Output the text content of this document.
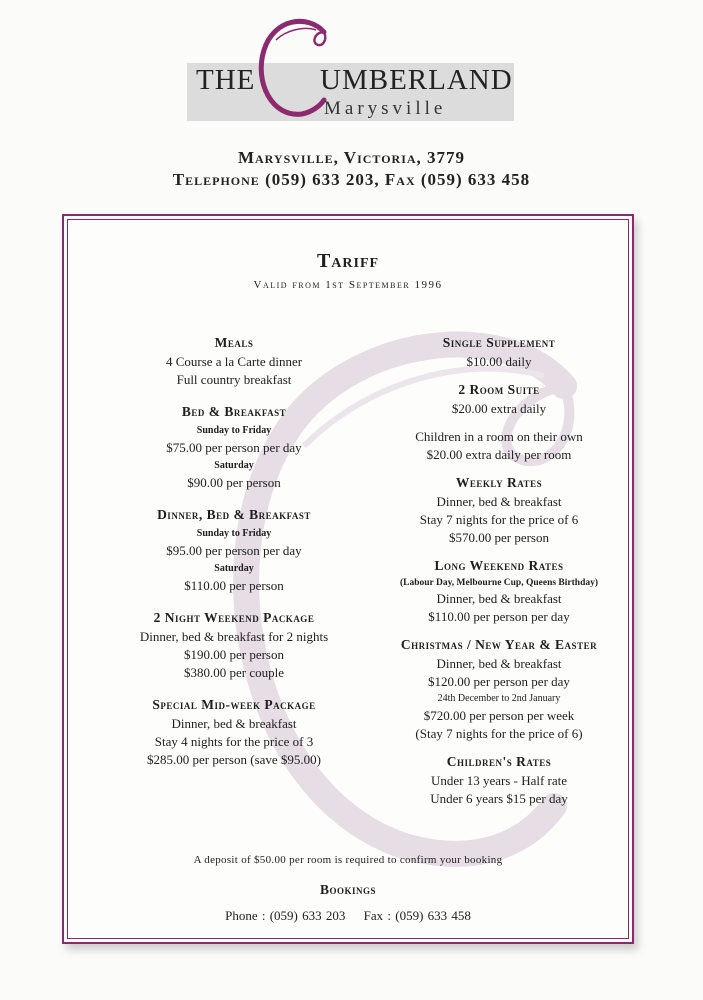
THE UMBERLAND
Marysville
Marysville, Victoria, 3779
Telephone (059) 633 203, Fax (059) 633 458
Tariff
Valid from 1st September 1996
Meals
4 Course a la Carte dinner
Full country breakfast
Bed & Breakfast
Sunday to Friday
$75.00 per person per day
Saturday
$90.00 per person
Dinner, Bed & Breakfast
Sunday to Friday
$95.00 per person per day
Saturday
$110.00 per person
2 Night Weekend Package
Dinner, bed & breakfast for 2 nights
$190.00 per person
$380.00 per couple
Special Mid-week Package
Dinner, bed & breakfast
Stay 4 nights for the price of 3
$285.00 per person (save $95.00)
Single Supplement
$10.00 daily
2 Room Suite
$20.00 extra daily
Children in a room on their own
$20.00 extra daily per room
Weekly Rates
Dinner, bed & breakfast
Stay 7 nights for the price of 6
$570.00 per person
Long Weekend Rates
(Labour Day, Melbourne Cup, Queens Birthday)
Dinner, bed & breakfast
$110.00 per person per day
Christmas / New Year & Easter
Dinner, bed & breakfast
$120.00 per person per day
24th December to 2nd January
$720.00 per person per week
(Stay 7 nights for the price of 6)
Children's Rates
Under 13 years - Half rate
Under 6 years $15 per day
A deposit of $50.00 per room is required to confirm your booking
Bookings
Phone : (059) 633 203 Fax : (059) 633 458
